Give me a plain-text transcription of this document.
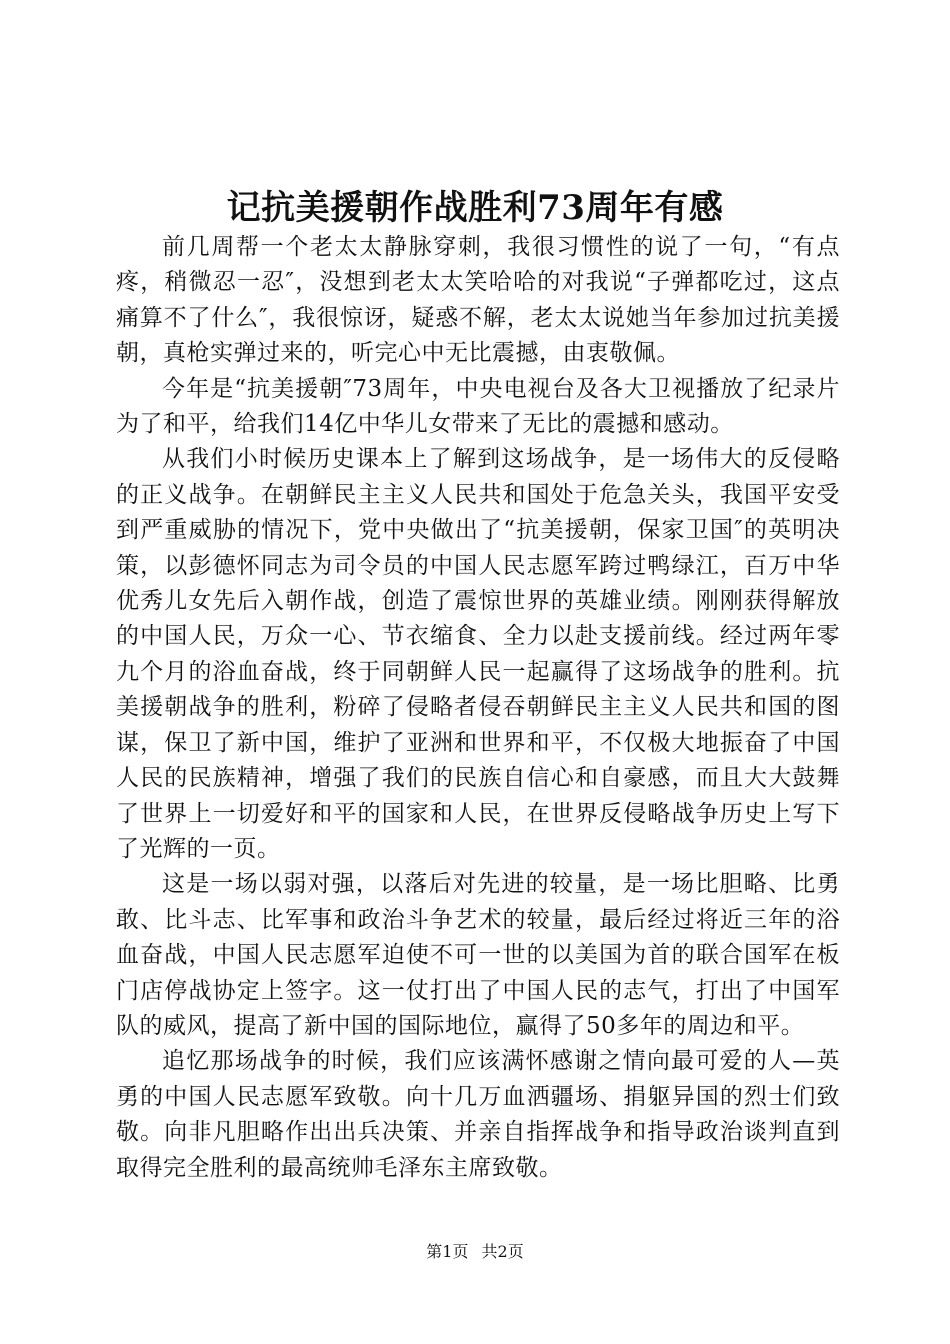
记抗美援朝作战胜利73周年有感

前几周帮一个老太太静脉穿刺，我很习惯性的说了一句，“有点疼，稍微忍一忍″，没想到老太太笑哈哈的对我说“子弹都吃过，这点痛算不了什么″，我很惊讶，疑惑不解，老太太说她当年参加过抗美援朝，真枪实弹过来的，听完心中无比震撼，由衷敬佩。

今年是“抗美援朝″73周年，中央电视台及各大卫视播放了纪录片为了和平，给我们14亿中华儿女带来了无比的震撼和感动。

从我们小时候历史课本上了解到这场战争，是一场伟大的反侵略的正义战争。在朝鲜民主主义人民共和国处于危急关头，我国平安受到严重威胁的情况下，党中央做出了“抗美援朝，保家卫国″的英明决策，以彭德怀同志为司令员的中国人民志愿军跨过鸭绿江，百万中华优秀儿女先后入朝作战，创造了震惊世界的英雄业绩。刚刚获得解放的中国人民，万众一心、节衣缩食、全力以赴支援前线。经过两年零九个月的浴血奋战，终于同朝鲜人民一起赢得了这场战争的胜利。抗美援朝战争的胜利，粉碎了侵略者侵吞朝鲜民主主义人民共和国的图谋，保卫了新中国，维护了亚洲和世界和平，不仅极大地振奋了中国人民的民族精神，增强了我们的民族自信心和自豪感，而且大大鼓舞了世界上一切爱好和平的国家和人民，在世界反侵略战争历史上写下了光辉的一页。

这是一场以弱对强，以落后对先进的较量，是一场比胆略、比勇敢、比斗志、比军事和政治斗争艺术的较量，最后经过将近三年的浴血奋战，中国人民志愿军迫使不可一世的以美国为首的联合国军在板门店停战协定上签字。这一仗打出了中国人民的志气，打出了中国军队的威风，提高了新中国的国际地位，赢得了50多年的周边和平。

追忆那场战争的时候，我们应该满怀感谢之情向最可爱的人—英勇的中国人民志愿军致敬。向十几万血洒疆场、捐躯异国的烈士们致敬。向非凡胆略作出出兵决策、并亲自指挥战争和指导政治谈判直到取得完全胜利的最高统帅毛泽东主席致敬。

第1页 共2页
